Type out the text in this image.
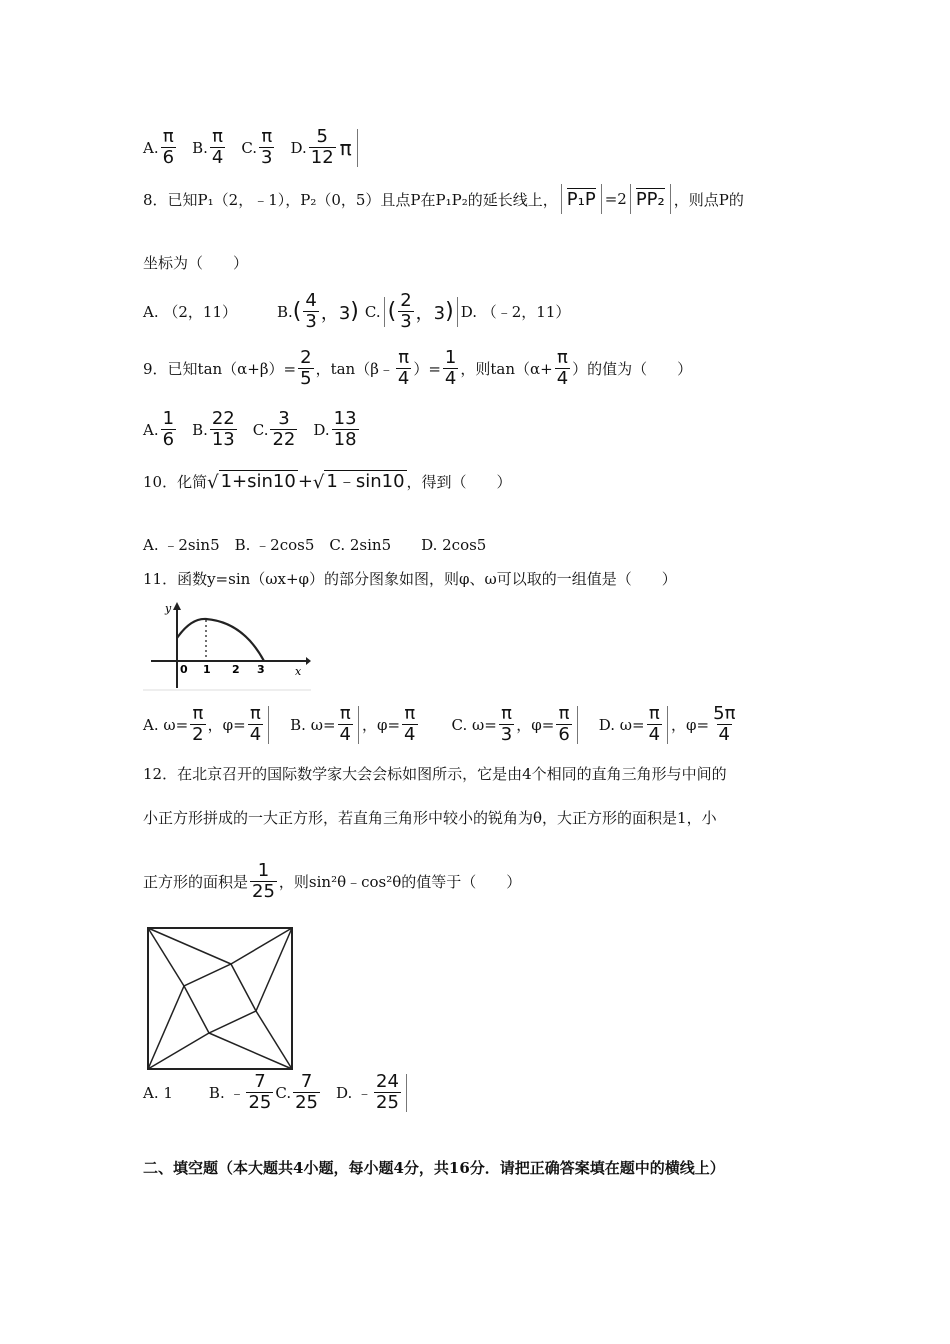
A. $\frac{\pi}{6} B$. $\frac{\pi}{4} C$. $\frac{\pi}{3} D$. $\frac{5}{12}$ π
8．已知P₁（2，﹣1），P₂（0，5）且点P在P₁P₂的延长线上， P₁P =2 PP₂ ，则点P的
坐标为（　　）
A. （2，11）	B. ( $\frac{4}{3}$ ，3 ) C. ( $\frac{2}{3}$ ，3 ) D. （﹣2，11）
9．已知$\tan(\alpha+\beta)= \frac{2}{5}$ ，tan（β﹣ $\frac{\pi}{4}$ ）= $\frac{1}{4}$ ，则$\tan(\alpha+ \frac{\pi}{4}$ ）的值为（　　）
A. $\frac{1}{6} B$. $\frac{22}{13} C$. $\frac{3}{22} D$. $\frac{13}{18}$
10．化简 √ 1+sin10 + √ 1﹣sin10 ，得到（　　）
A. ﹣2sin5　B. ﹣2cos5　C. 2sin5　　D. 2cos5
11．函数y=sin（ωx+φ）的部分图象如图，则φ、ω可以取的一组值是（　　）
y
x
0 1 2 3
A. $\omega= \frac{\pi}{2}$ ，$\varphi= \frac{\pi}{4} B$. $\omega= \frac{\pi}{4}$ ，$\varphi= \frac{\pi}{4} C$. $\omega= \frac{\pi}{3}$ ，$\varphi= \frac{\pi}{6} D$. $\omega= \frac{\pi}{4}$ ，$\varphi= \frac{5\pi}{4}$
12．在北京召开的国际数学家大会会标如图所示，它是由4个相同的直角三角形与中间的
小正方形拼成的一大正方形，若直角三角形中较小的锐角为θ，大正方形的面积是1，小
正方形的面积是 $\frac{1}{25}$ ，则sin²θ﹣cos²θ的值等于（　　）
A. 1 B. ﹣ $\frac{7}{25} C$. $\frac{7}{25} D$. ﹣ $\frac{24}{25}$
二、填空题（本大题共4小题，每小题4分，共16分．请把正确答案填在题中的横线上）
